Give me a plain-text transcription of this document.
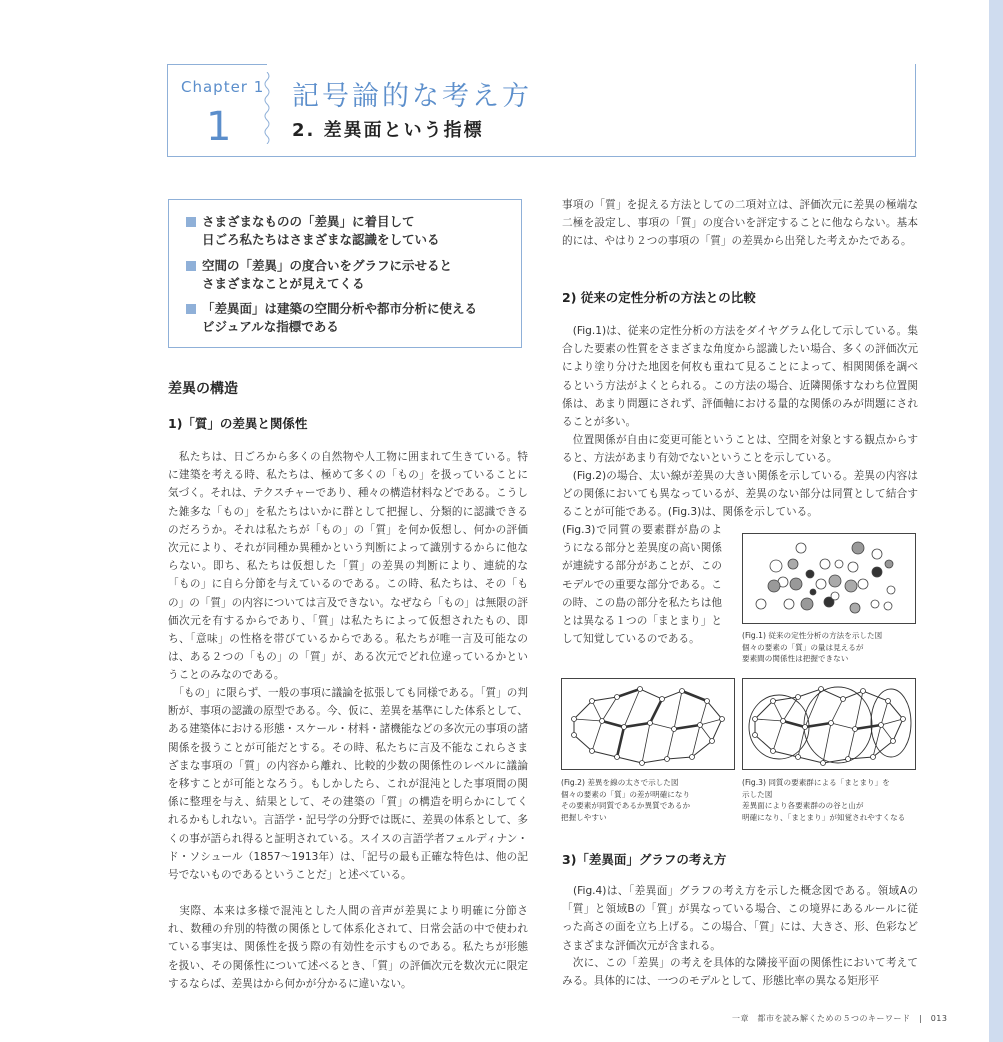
Chapter 1
1
記号論的な考え方
2. 差異面という指標
さまざまなものの「差異」に着目して
日ごろ私たちはさまざまな認識をしている
空間の「差異」の度合いをグラフに示せると
さまざまなことが見えてくる
「差異面」は建築の空間分析や都市分析に使える
ビジュアルな指標である
差異の構造
1)「質」の差異と関係性

　私たちは、日ごろから多くの自然物や人工物に囲まれて生きている。特に建築を考える時、私たちは、極めて多くの「もの」を扱っていることに気づく。それは、テクスチャーであり、種々の構造材料などである。こうした雑多な「もの」を私たちはいかに群として把握し、分類的に認識できるのだろうか。それは私たちが「もの」の「質」を何か仮想し、何かの評価次元により、それが同種か異種かという判断によって識別するからに他ならない。即ち、私たちは仮想した「質」の差異の判断により、連続的な「もの」に自ら分節を与えているのである。この時、私たちは、その「もの」の「質」の内容については言及できない。なぜなら「もの」は無限の評価次元を有するからであり、「質」は私たちによって仮想されたもの、即ち、「意味」の性格を帯びているからである。私たちが唯一言及可能なのは、ある２つの「もの」の「質」が、ある次元でどれ位違っているかということのみなのである。

　「もの」に限らず、一般の事項に議論を拡張しても同様である。「質」の判断が、事項の認識の原型である。今、仮に、差異を基準にした体系として、ある建築体における形態・スケール・材料・諸機能などの多次元の事項の諸関係を扱うことが可能だとする。その時、私たちに言及不能なこれらさまざまな事項の「質」の内容から離れ、比較的少数の関係性のレベルに議論を移すことが可能となろう。もしかしたら、これが混沌とした事項間の関係に整理を与え、結果として、その建築の「質」の構造を明らかにしてくれるかもしれない。言語学・記号学の分野では既に、差異の体系として、多くの事が語られ得ると証明されている。スイスの言語学者フェルディナン・ド・ソシュール（1857〜1913年）は、「記号の最も正確な特色は、他の記号でないものであるということだ」と述べている。

　実際、本来は多様で混沌とした人間の音声が差異により明確に分節され、数種の弁別的特徴の関係として体系化されて、日常会話の中で使われている事実は、関係性を扱う際の有効性を示すものである。私たちが形態を扱い、その関係性について述べるとき、「質」の評価次元を数次元に限定するならば、差異はから何かが分かるに違いない。

事項の「質」を捉える方法としての二項対立は、評価次元に差異の極端な二極を設定し、事項の「質」の度合いを評定することに他ならない。基本的には、やはり２つの事項の「質」の差異から出発した考えかたである。

2) 従来の定性分析の方法との比較

　(Fig.1)は、従来の定性分析の方法をダイヤグラム化して示している。集合した要素の性質をさまざまな角度から認識したい場合、多くの評価次元により塗り分けた地図を何枚も重ねて見ることによって、相関関係を調べるという方法がよくとられる。この方法の場合、近隣関係すなわち位置関係は、あまり問題にされず、評価軸における量的な関係のみが問題にされることが多い。

　位置関係が自由に変更可能ということは、空間を対象とする観点からすると、方法があまり有効でないということを示している。

　(Fig.2)の場合、太い線が差異の大きい関係を示している。差異の内容はどの関係においても異なっているが、差異のない部分は同質として結合することが可能である。(Fig.3)は、関係を示している。

(Fig.3)で同質の要素群が島のようになる部分と差異度の高い関係が連続する部分があことが、このモデルでの重要な部分である。この時、この島の部分を私たちは他とは異なる１つの「まとまり」として知覚しているのである。	(Fig.1) 従来の定性分析の方法を示した図
個々の要素の「質」の量は見えるが
要素間の関係性は把握できない

(Fig.2) 差異を線の太さで示した図
個々の要素の「質」の差が明確になり
その要素が同質であるか異質であるか
把握しやすい

(Fig.3) 同質の要素群による「まとまり」を
示した図
差異面により各要素群のの谷と山が
明確になり、「まとまり」が知覚されやすくなる

3)「差異面」グラフの考え方

　(Fig.4)は、「差異面」グラフの考え方を示した概念図である。領域Aの「質」と領域Bの「質」が異なっている場合、この境界にあるルールに従った高さの面を立ち上げる。この場合、「質」には、大きさ、形、色彩などさまざまな評価次元が含まれる。

　次に、この「差異」の考えを具体的な隣接平面の関係性において考えてみる。具体的には、一つのモデルとして、形態比率の異なる矩形平

一章　都市を読み解くための５つのキーワード　|　013
